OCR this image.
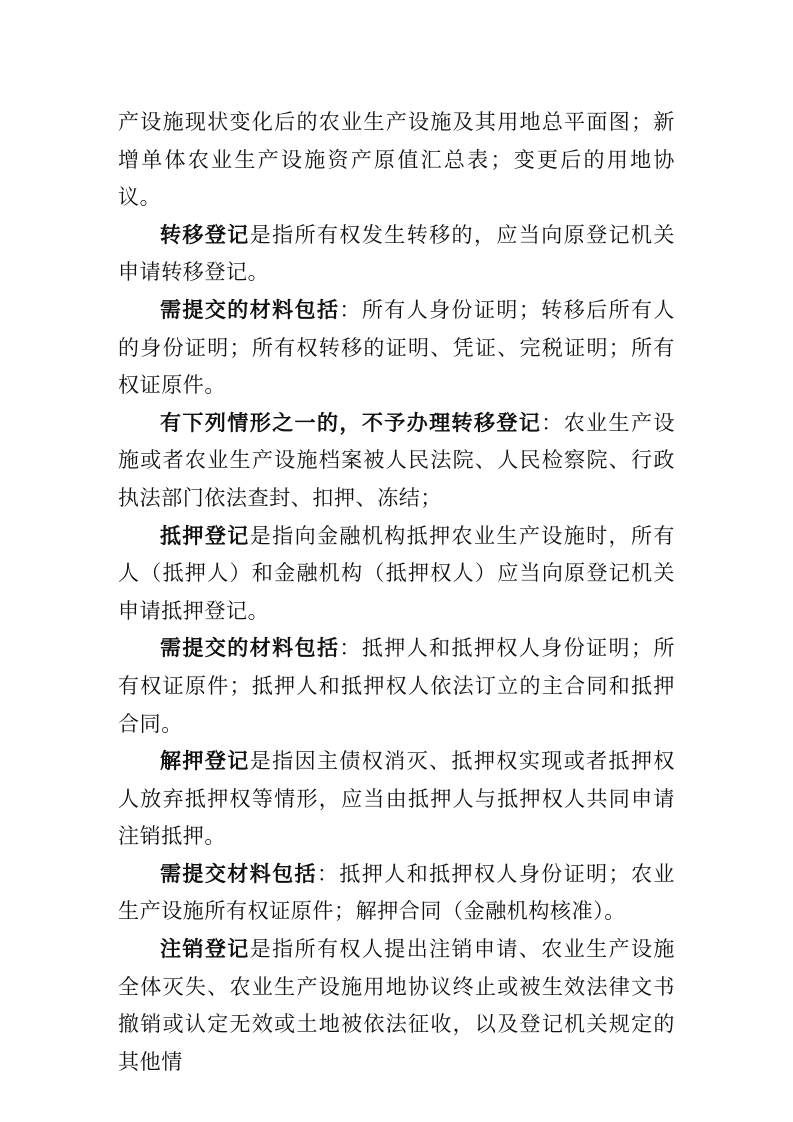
产设施现状变化后的农业生产设施及其用地总平面图；新增单体农业生产设施资产原值汇总表；变更后的用地协议。

转移登记是指所有权发生转移的，应当向原登记机关申请转移登记。

需提交的材料包括：所有人身份证明；转移后所有人的身份证明；所有权转移的证明、凭证、完税证明；所有权证原件。

有下列情形之一的，不予办理转移登记：农业生产设施或者农业生产设施档案被人民法院、人民检察院、行政执法部门依法查封、扣押、冻结；

抵押登记是指向金融机构抵押农业生产设施时，所有人（抵押人）和金融机构（抵押权人）应当向原登记机关申请抵押登记。

需提交的材料包括：抵押人和抵押权人身份证明；所有权证原件；抵押人和抵押权人依法订立的主合同和抵押合同。

解押登记是指因主债权消灭、抵押权实现或者抵押权人放弃抵押权等情形，应当由抵押人与抵押权人共同申请注销抵押。

需提交材料包括：抵押人和抵押权人身份证明；农业生产设施所有权证原件；解押合同（金融机构核准）。

注销登记是指所有权人提出注销申请、农业生产设施全体灭失、农业生产设施用地协议终止或被生效法律文书撤销或认定无效或土地被依法征收，以及登记机关规定的其他情
